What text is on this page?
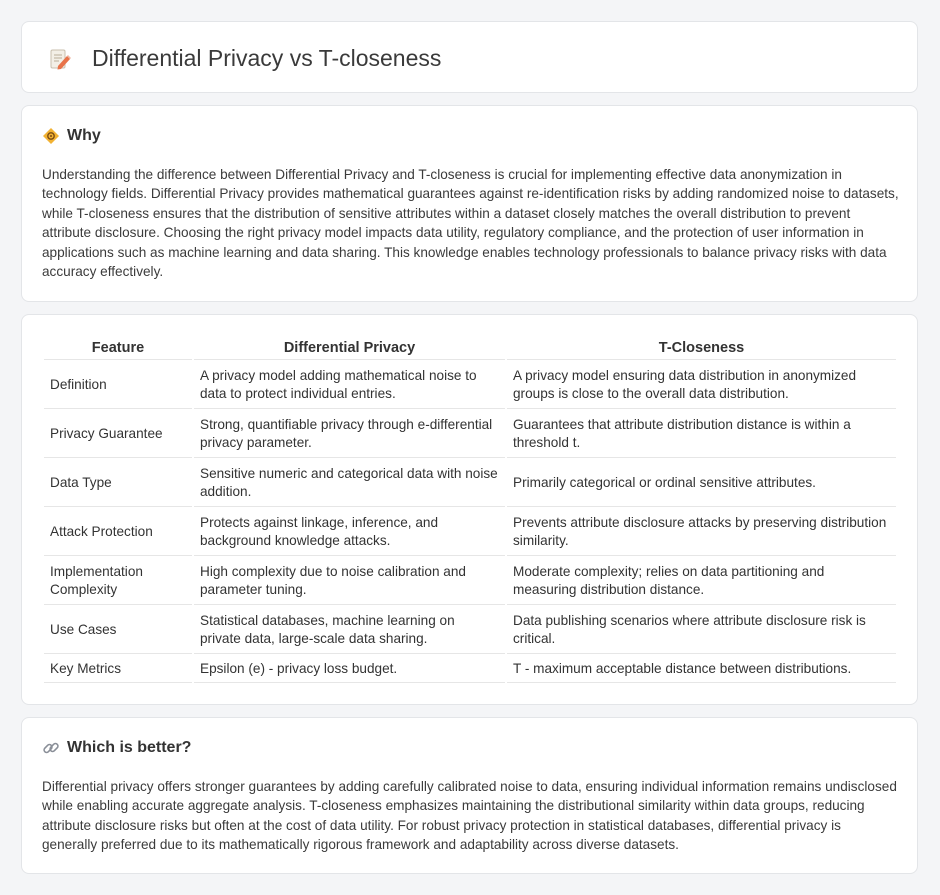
Differential Privacy vs T-closeness
Why

Understanding the difference between Differential Privacy and T-closeness is crucial for implementing effective data anonymization in technology fields. Differential Privacy provides mathematical guarantees against re-identification risks by adding randomized noise to datasets, while T-closeness ensures that the distribution of sensitive attributes within a dataset closely matches the overall distribution to prevent attribute disclosure. Choosing the right privacy model impacts data utility, regulatory compliance, and the protection of user information in applications such as machine learning and data sharing. This knowledge enables technology professionals to balance privacy risks with data accuracy effectively.

Feature	Differential Privacy	T-Closeness
Definition	A privacy model adding mathematical noise to data to protect individual entries.	A privacy model ensuring data distribution in anonymized groups is close to the overall data distribution.
Privacy Guarantee	Strong, quantifiable privacy through e-differential privacy parameter.	Guarantees that attribute distribution distance is within a threshold t.
Data Type	Sensitive numeric and categorical data with noise addition.	Primarily categorical or ordinal sensitive attributes.
Attack Protection	Protects against linkage, inference, and background knowledge attacks.	Prevents attribute disclosure attacks by preserving distribution similarity.
Implementation Complexity	High complexity due to noise calibration and parameter tuning.	Moderate complexity; relies on data partitioning and measuring distribution distance.
Use Cases	Statistical databases, machine learning on private data, large-scale data sharing.	Data publishing scenarios where attribute disclosure risk is critical.
Key Metrics	Epsilon (e) - privacy loss budget.	T - maximum acceptable distance between distributions.
Which is better?

Differential privacy offers stronger guarantees by adding carefully calibrated noise to data, ensuring individual information remains undisclosed while enabling accurate aggregate analysis. T-closeness emphasizes maintaining the distributional similarity within data groups, reducing attribute disclosure risks but often at the cost of data utility. For robust privacy protection in statistical databases, differential privacy is generally preferred due to its mathematically rigorous framework and adaptability across diverse datasets.
